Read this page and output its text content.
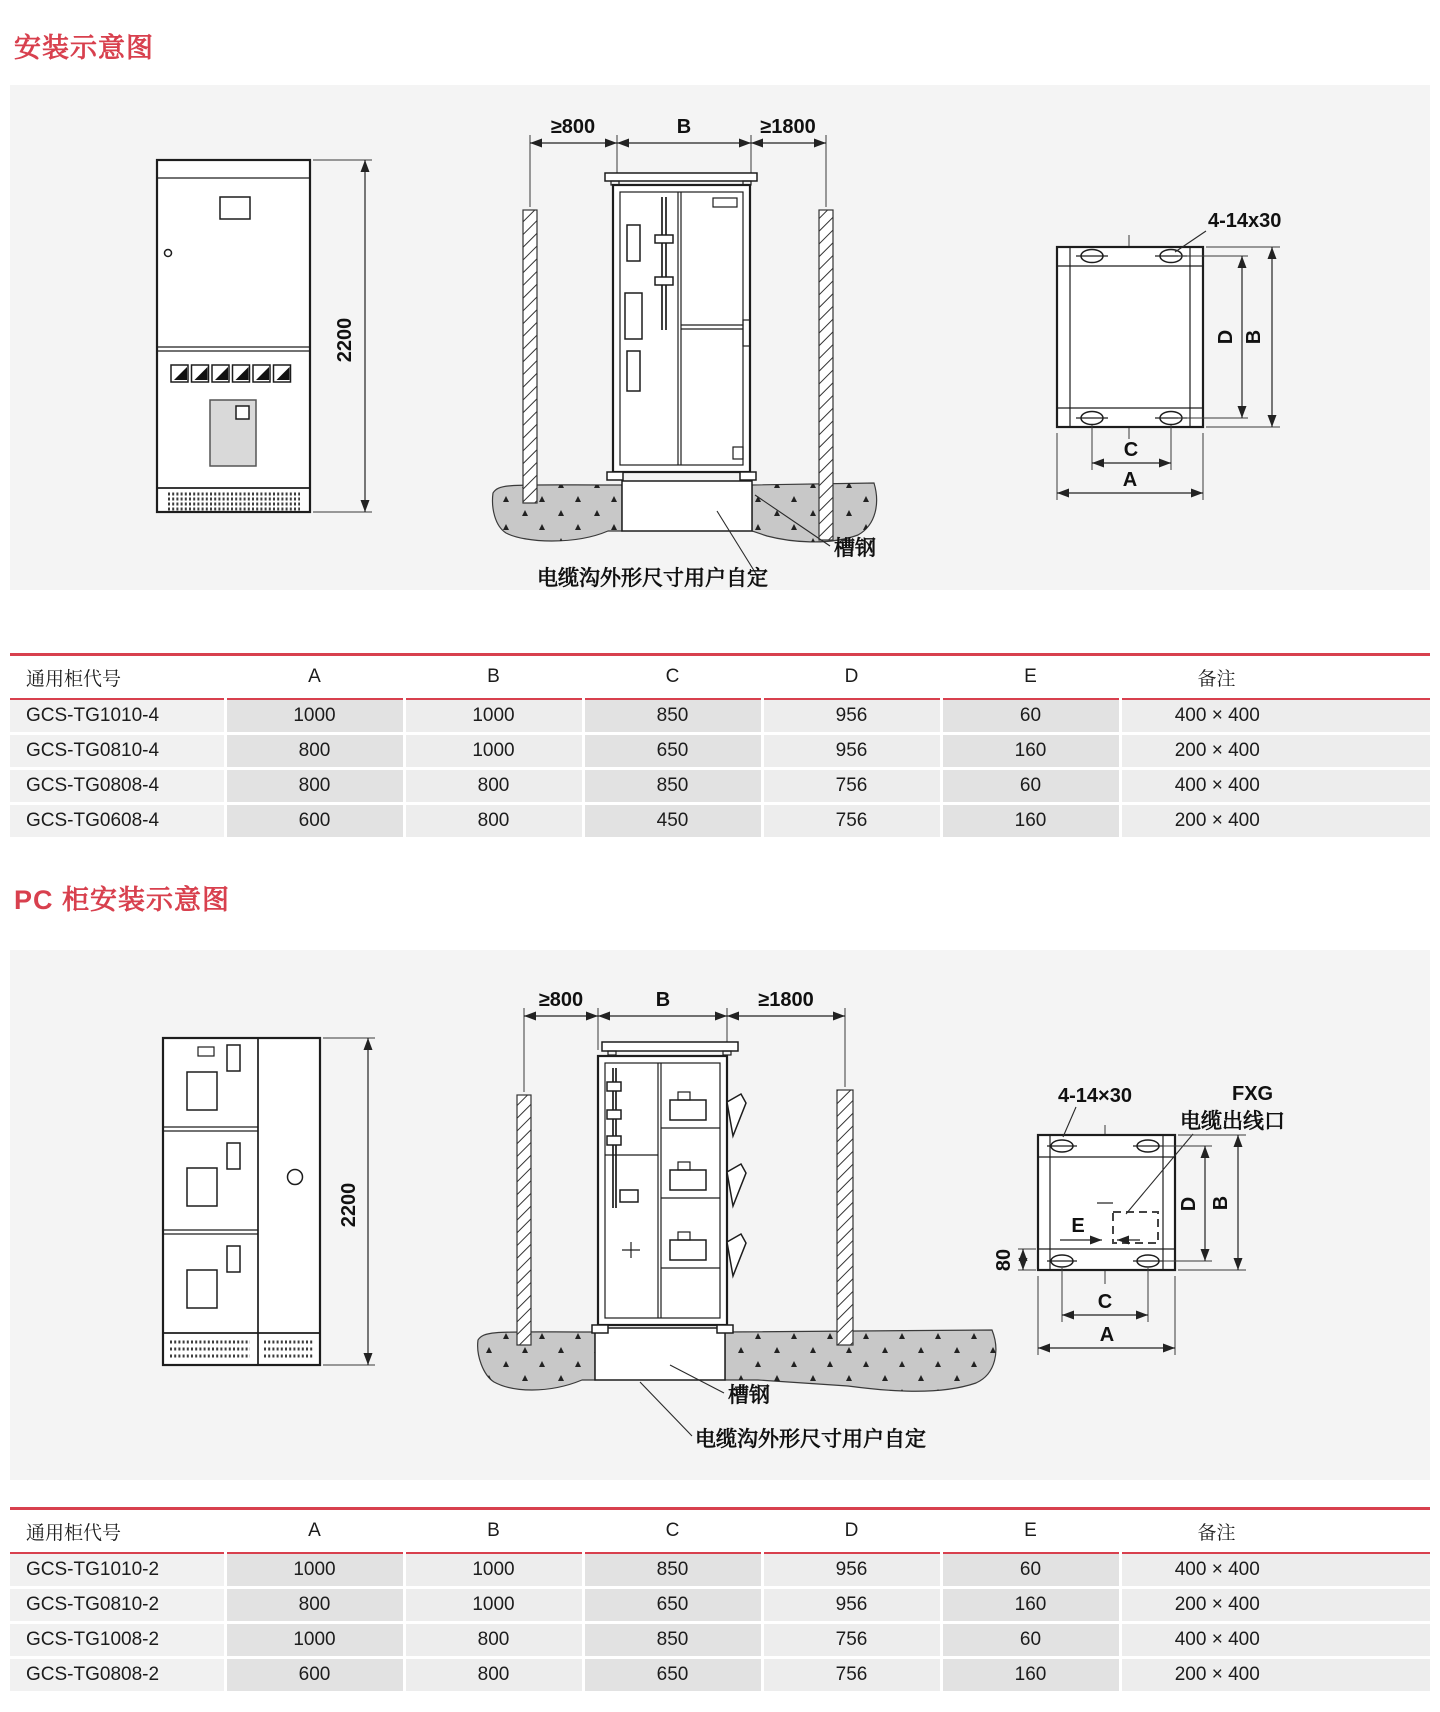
安装示意图
2200
≥800	B	≥1800
槽钢
电缆沟外形尺寸用户自定
4-14x30
D B
C
A
通用柜代号	A	B	C	D	E	备注
GCS-TG1010-4	1000	1000	850	956	60	400 × 400
GCS-TG0810-4	800	1000	650	956	160	200 × 400
GCS-TG0808-4	800	800	850	756	60	400 × 400
GCS-TG0608-4	600	800	450	756	160	200 × 400
PC 柜安装示意图
2200
≥800	B	≥1800
槽钢
电缆沟外形尺寸用户自定
4-14×30	FXG
电缆出线口
E
80
D B
C
A
通用柜代号	A	B	C	D	E	备注
GCS-TG1010-2	1000	1000	850	956	60	400 × 400
GCS-TG0810-2	800	1000	650	956	160	200 × 400
GCS-TG1008-2	1000	800	850	756	60	400 × 400
GCS-TG0808-2	600	800	650	756	160	200 × 400
